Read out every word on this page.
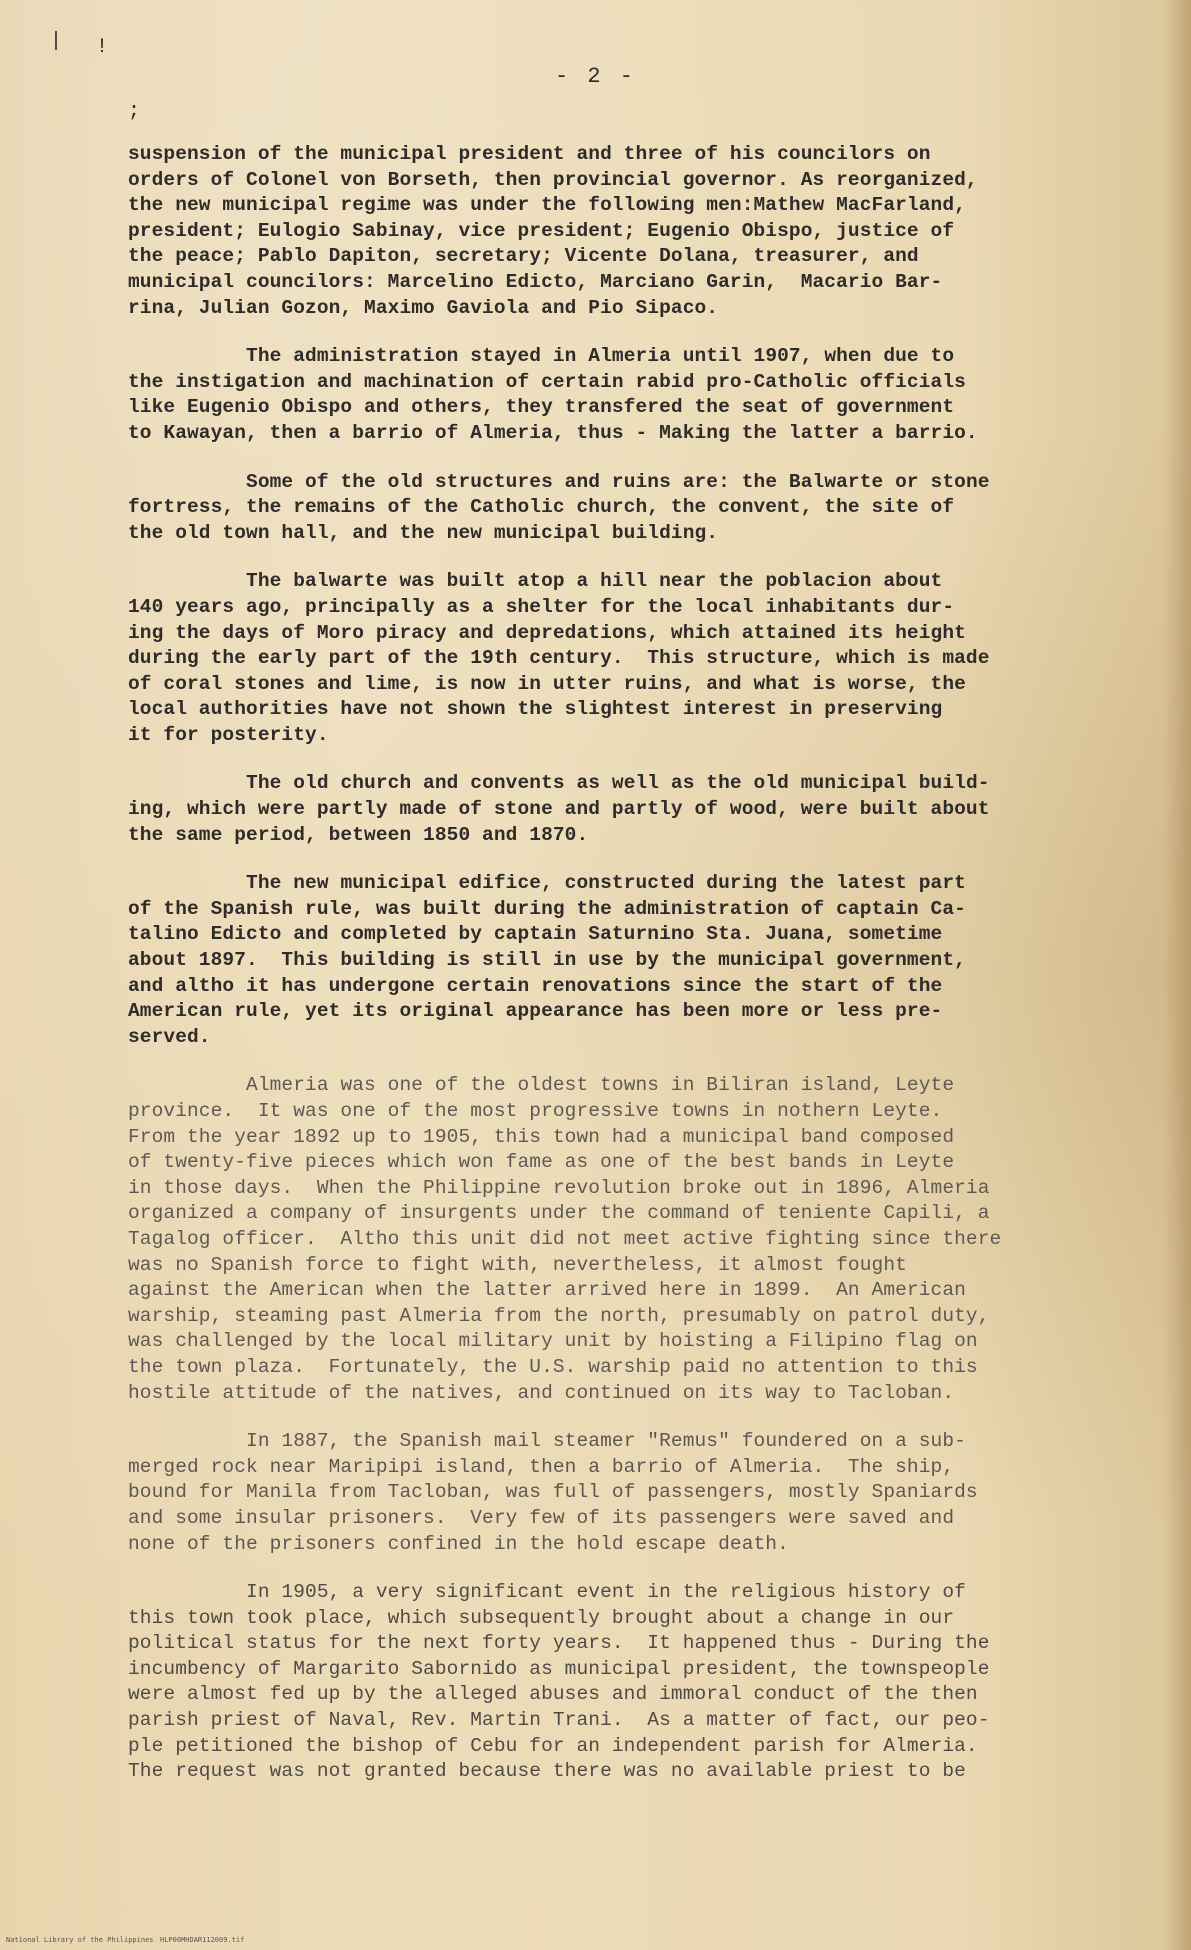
| !
;
- 2 -

suspension of the municipal president and three of his councilors on
orders of Colonel von Borseth, then provincial governor. As reorganized,
the new municipal regime was under the following men:Mathew MacFarland,
president; Eulogio Sabinay, vice president; Eugenio Obispo, justice of
the peace; Pablo Dapiton, secretary; Vicente Dolana, treasurer, and
municipal councilors: Marcelino Edicto, Marciano Garin,  Macario Bar-
rina, Julian Gozon, Maximo Gaviola and Pio Sipaco.

The administration stayed in Almeria until 1907, when due to
the instigation and machination of certain rabid pro-Catholic officials
like Eugenio Obispo and others, they transfered the seat of government
to Kawayan, then a barrio of Almeria, thus - Making the latter a barrio.

Some of the old structures and ruins are: the Balwarte or stone
fortress, the remains of the Catholic church, the convent, the site of
the old town hall, and the new municipal building.

The balwarte was built atop a hill near the poblacion about
140 years ago, principally as a shelter for the local inhabitants dur-
ing the days of Moro piracy and depredations, which attained its height
during the early part of the 19th century.  This structure, which is made
of coral stones and lime, is now in utter ruins, and what is worse, the
local authorities have not shown the slightest interest in preserving
it for posterity.

The old church and convents as well as the old municipal build-
ing, which were partly made of stone and partly of wood, were built about
the same period, between 1850 and 1870.

The new municipal edifice, constructed during the latest part
of the Spanish rule, was built during the administration of captain Ca-
talino Edicto and completed by captain Saturnino Sta. Juana, sometime
about 1897.  This building is still in use by the municipal government,
and altho it has undergone certain renovations since the start of the
American rule, yet its original appearance has been more or less pre-
served.

Almeria was one of the oldest towns in Biliran island, Leyte
province.  It was one of the most progressive towns in nothern Leyte.
From the year 1892 up to 1905, this town had a municipal band composed
of twenty-five pieces which won fame as one of the best bands in Leyte
in those days.  When the Philippine revolution broke out in 1896, Almeria
organized a company of insurgents under the command of teniente Capili, a
Tagalog officer.  Altho this unit did not meet active fighting since there
was no Spanish force to fight with, nevertheless, it almost fought
against the American when the latter arrived here in 1899.  An American
warship, steaming past Almeria from the north, presumably on patrol duty,
was challenged by the local military unit by hoisting a Filipino flag on
the town plaza.  Fortunately, the U.S. warship paid no attention to this
hostile attitude of the natives, and continued on its way to Tacloban.

In 1887, the Spanish mail steamer "Remus" foundered on a sub-
merged rock near Maripipi island, then a barrio of Almeria.  The ship,
bound for Manila from Tacloban, was full of passengers, mostly Spaniards
and some insular prisoners.  Very few of its passengers were saved and
none of the prisoners confined in the hold escape death.

In 1905, a very significant event in the religious history of
this town took place, which subsequently brought about a change in our
political status for the next forty years.  It happened thus - During the
incumbency of Margarito Sabornido as municipal president, the townspeople
were almost fed up by the alleged abuses and immoral conduct of the then
parish priest of Naval, Rev. Martin Trani.  As a matter of fact, our peo-
ple petitioned the bishop of Cebu for an independent parish for Almeria.
The request was not granted because there was no available priest to be

National Library of the Philippines HLP00MHDAR112009.tif
